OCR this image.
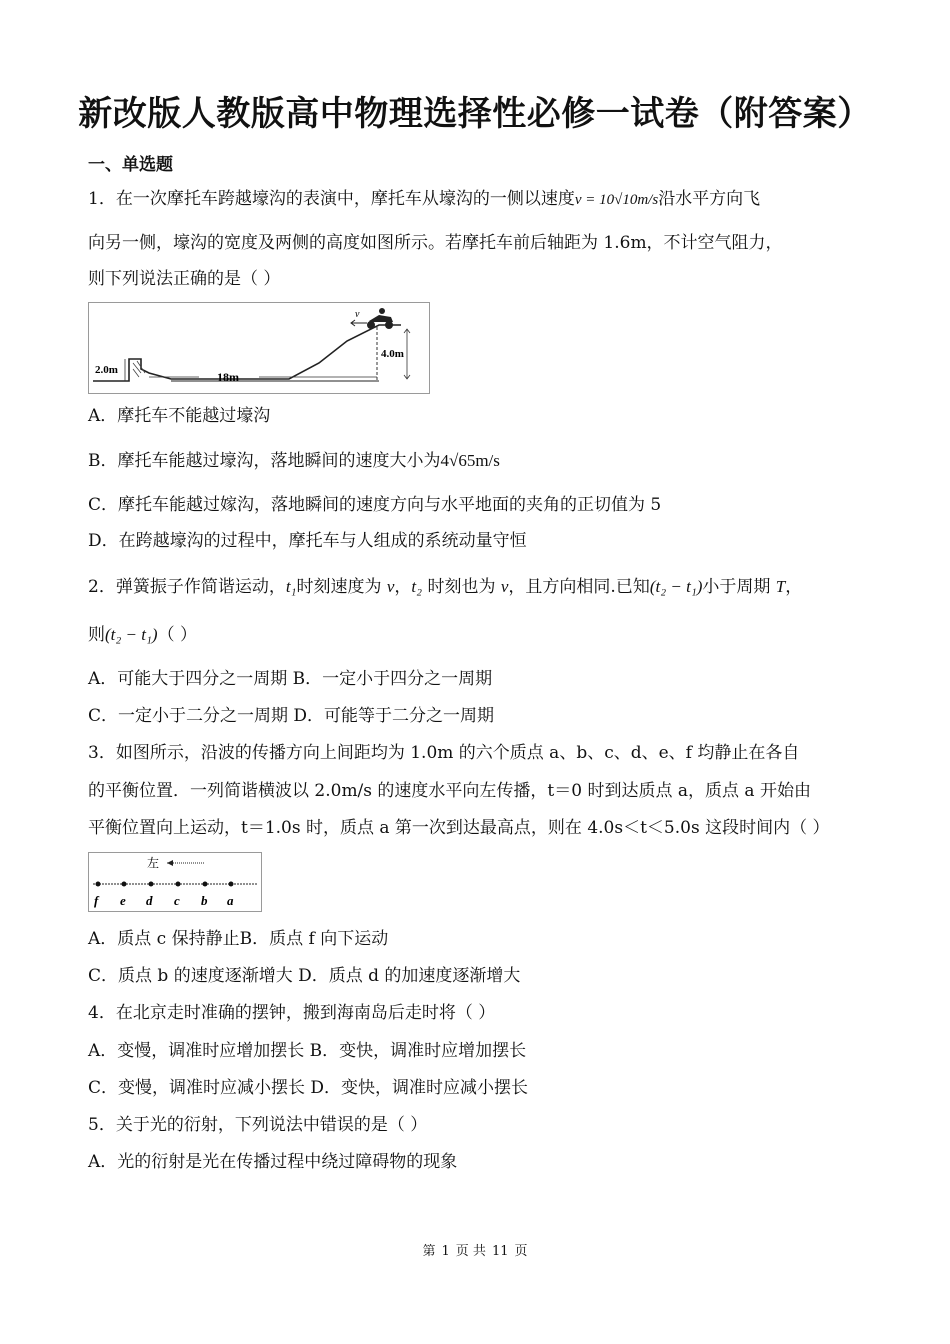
新改版人教版高中物理选择性必修一试卷（附答案）
一、单选题
1．在一次摩托车跨越壕沟的表演中，摩托车从壕沟的一侧以速度v = 10√10m/s沿水平方向飞
向另一侧，壕沟的宽度及两侧的高度如图所示。若摩托车前后轴距为 1.6m，不计空气阻力，
则下列说法正确的是（ ）
v
2.0m	18m
4.0m
A．摩托车不能越过壕沟
B．摩托车能越过壕沟，落地瞬间的速度大小为4√65m/s
C．摩托车能越过嫁沟，落地瞬间的速度方向与水平地面的夹角的正切值为 5
D．在跨越壕沟的过程中，摩托车与人组成的系统动量守恒
2．弹簧振子作简谐运动，t₁时刻速度为 v，t₂ 时刻也为 v，且方向相同.已知(t₂ − t₁)小于周期 T，
则(t₂ − t₁)（ ）
A．可能大于四分之一周期 B．一定小于四分之一周期
C．一定小于二分之一周期 D．可能等于二分之一周期
3．如图所示，沿波的传播方向上间距均为 1.0m 的六个质点 a、b、c、d、e、f 均静止在各自
的平衡位置．一列简谐横波以 2.0m/s 的速度水平向左传播，t＝0 时到达质点 a，质点 a 开始由
平衡位置向上运动，t＝1.0s 时，质点 a 第一次到达最高点，则在 4.0s＜t＜5.0s 这段时间内（ ）
左
f e d c b a
A．质点 c 保持静止B．质点 f 向下运动
C．质点 b 的速度逐渐增大 D．质点 d 的加速度逐渐增大
4．在北京走时准确的摆钟，搬到海南岛后走时将（ ）
A．变慢，调准时应增加摆长 B．变快，调准时应增加摆长
C．变慢，调准时应减小摆长 D．变快，调准时应减小摆长
5．关于光的衍射，下列说法中错误的是（ ）
A．光的衍射是光在传播过程中绕过障碍物的现象
第 1 页 共 11 页
